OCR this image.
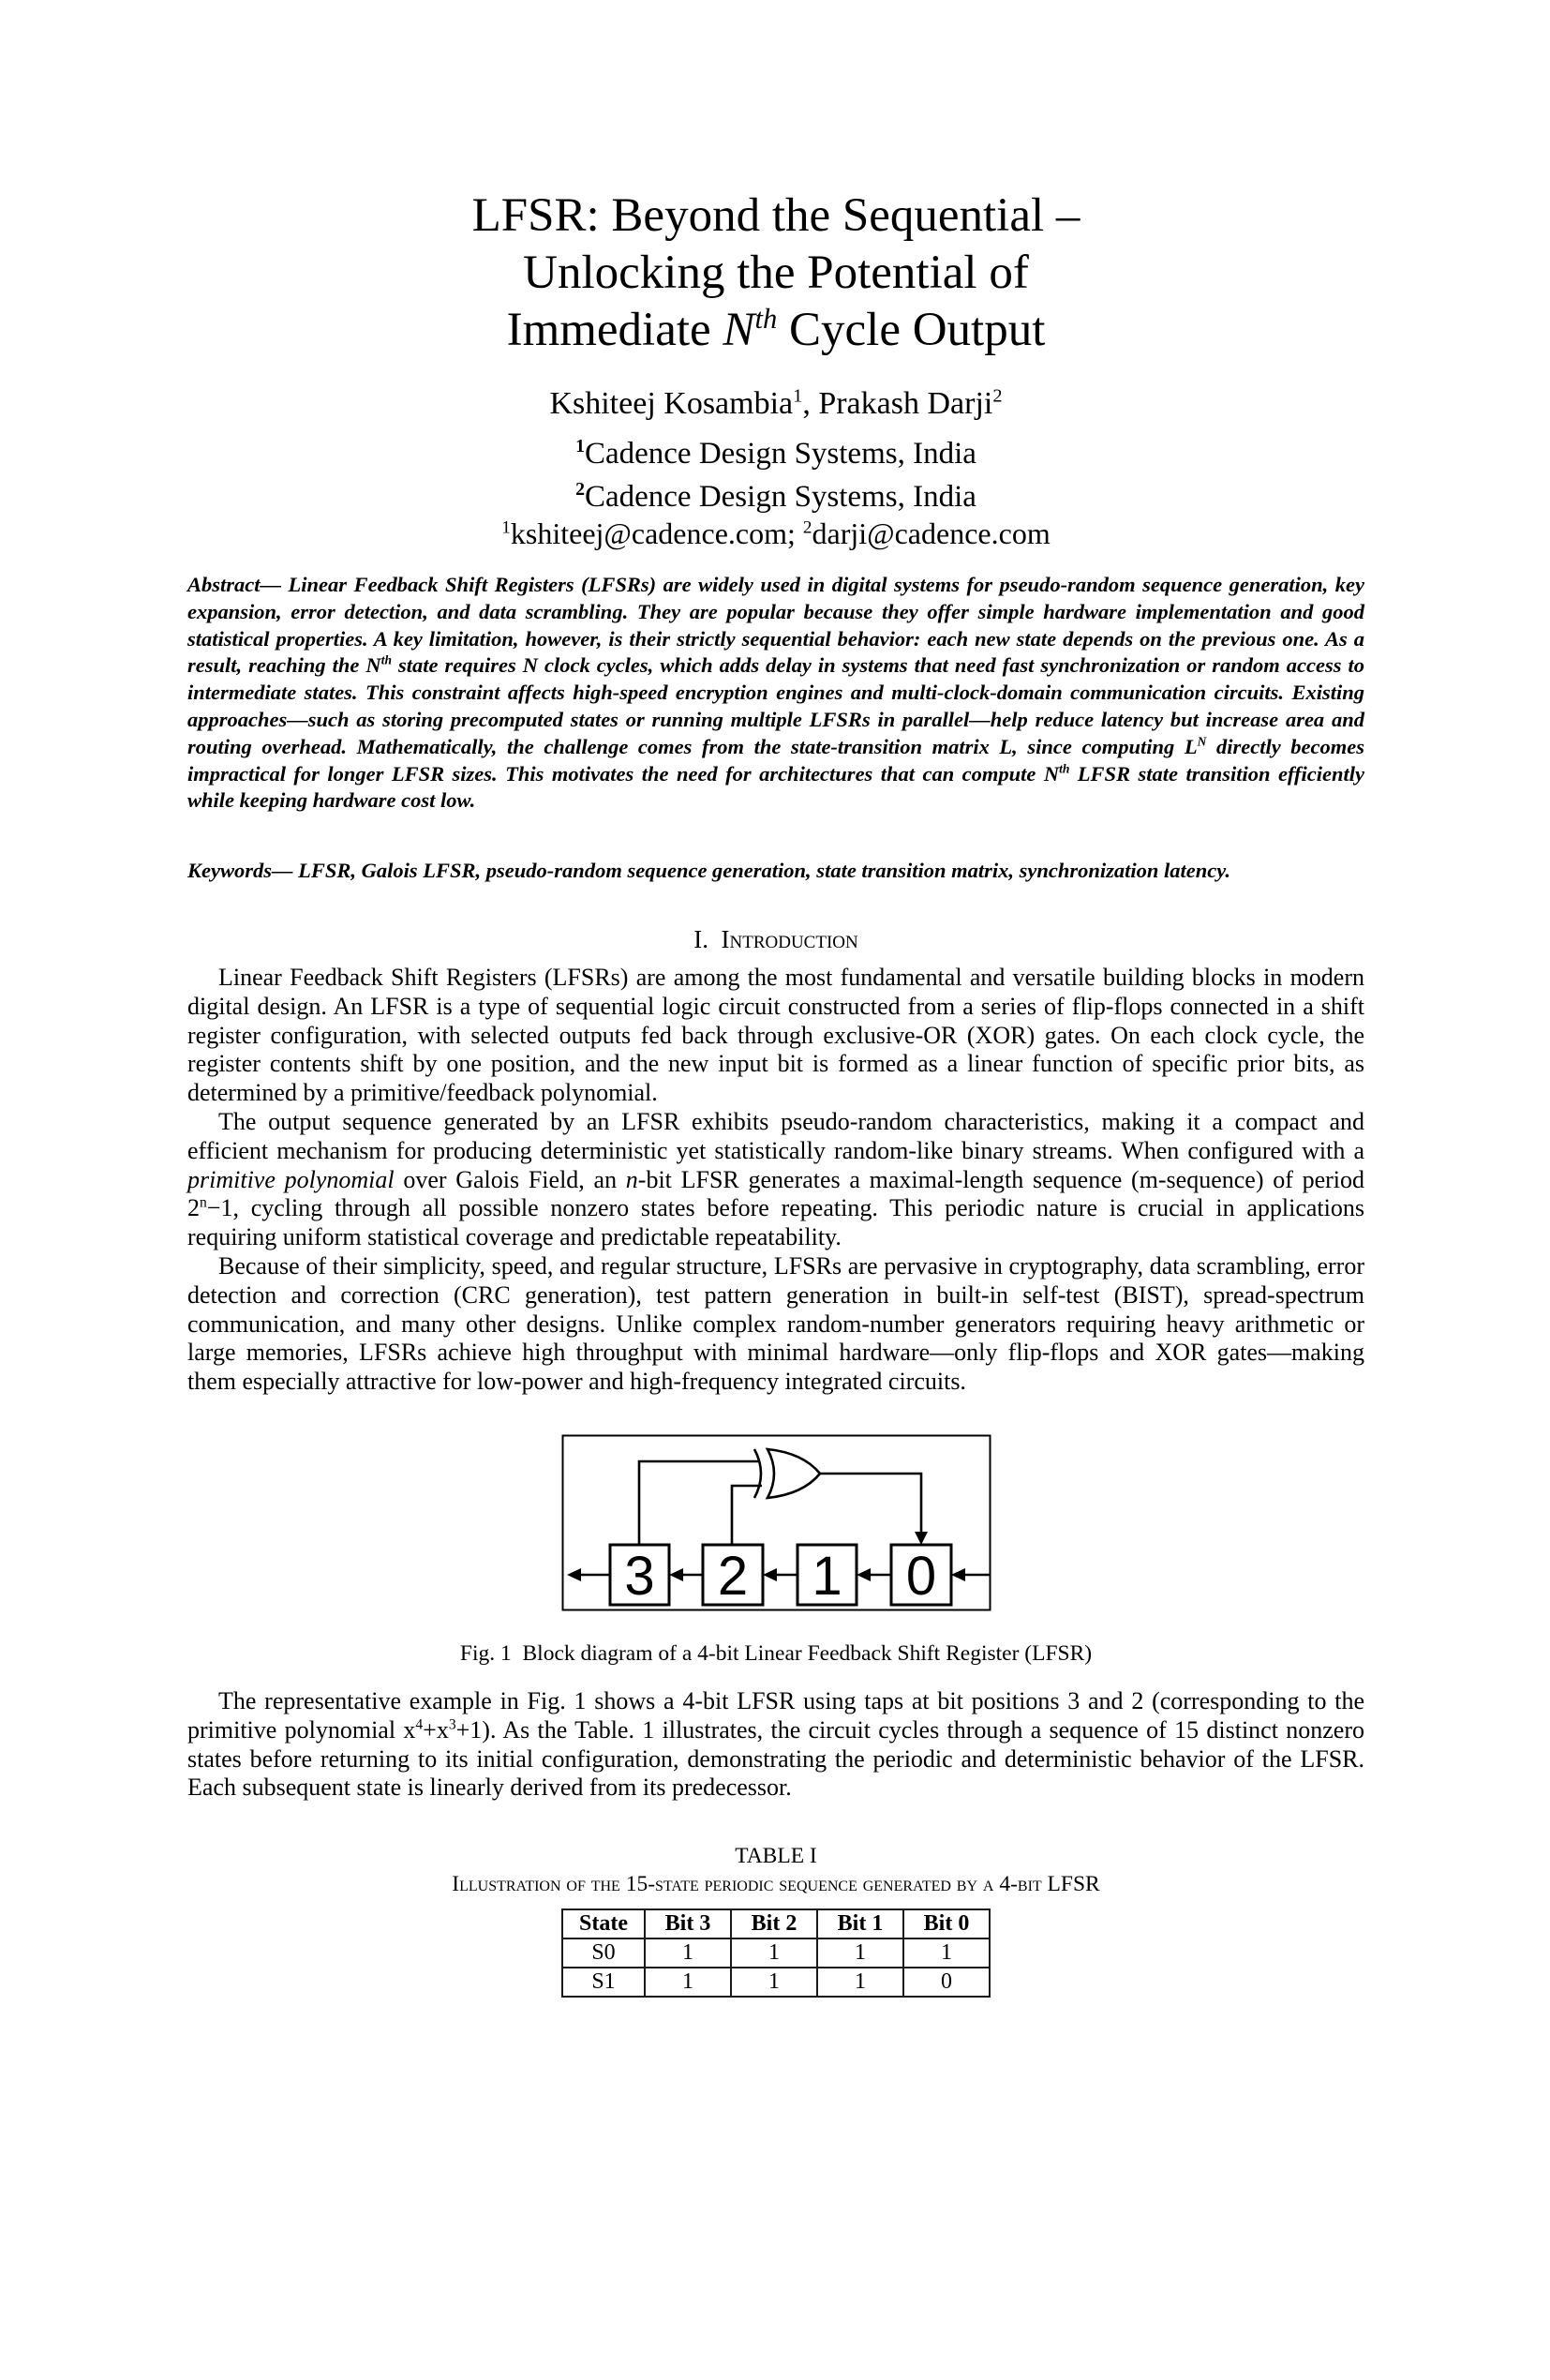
LFSR: Beyond the Sequential –
Unlocking the Potential of
Immediate $N^{th}$ Cycle Output
Kshiteej Kosambia$^1$, Prakash Darji$^2$
$^1$Cadence Design Systems, India
$^2$Cadence Design Systems, India
$^1$kshiteej@cadence.com; $^2$darji@cadence.com
Abstract— Linear Feedback Shift Registers (LFSRs) are widely used in digital systems for pseudo-random sequence generation, key expansion, error detection, and data scrambling. They are popular because they offer simple hardware implementation and good statistical properties. A key limitation, however, is their strictly sequential behavior: each new state depends on the previous one. As a result, reaching the $N^{th}$ state requires N clock cycles, which adds delay in systems that need fast synchronization or random access to intermediate states. This constraint affects high-speed encryption engines and multi-clock-domain communication circuits. Existing approaches—such as storing precomputed states or running multiple LFSRs in parallel—help reduce latency but increase area and routing overhead. Mathematically, the challenge comes from the state-transition matrix L, since computing $L^N$ directly becomes impractical for longer LFSR sizes. This motivates the need for architectures that can compute $N^{th}$ LFSR state transition efficiently while keeping hardware cost low.
Keywords— LFSR, Galois LFSR, pseudo-random sequence generation, state transition matrix, synchronization latency.
I.  Introduction

Linear Feedback Shift Registers (LFSRs) are among the most fundamental and versatile building blocks in modern digital design. An LFSR is a type of sequential logic circuit constructed from a series of flip-flops connected in a shift register configuration, with selected outputs fed back through exclusive-OR (XOR) gates. On each clock cycle, the register contents shift by one position, and the new input bit is formed as a linear function of specific prior bits, as determined by a primitive/feedback polynomial.

The output sequence generated by an LFSR exhibits pseudo-random characteristics, making it a compact and efficient mechanism for producing deterministic yet statistically random-like binary streams. When configured with a primitive polynomial over Galois Field, an n-bit LFSR generates a maximal-length sequence (m-sequence) of period $2^n-1$, cycling through all possible nonzero states before repeating. This periodic nature is crucial in applications requiring uniform statistical coverage and predictable repeatability.

Because of their simplicity, speed, and regular structure, LFSRs are pervasive in cryptography, data scrambling, error detection and correction (CRC generation), test pattern generation in built-in self-test (BIST), spread-spectrum communication, and many other designs. Unlike complex random-number generators requiring heavy arithmetic or large memories, LFSRs achieve high throughput with minimal hardware—only flip-flops and XOR gates—making them especially attractive for low-power and high-frequency integrated circuits.

3 2 1 0
Fig. 1  Block diagram of a 4-bit Linear Feedback Shift Register (LFSR)

The representative example in Fig. 1 shows a 4-bit LFSR using taps at bit positions 3 and 2 (corresponding to the primitive polynomial $x^4+x^3+1$). As the Table. 1 illustrates, the circuit cycles through a sequence of 15 distinct nonzero states before returning to its initial configuration, demonstrating the periodic and deterministic behavior of the LFSR. Each subsequent state is linearly derived from its predecessor.

TABLE I
Illustration of the 15-state periodic sequence generated by a 4-bit LFSR
State	Bit 3	Bit 2	Bit 1	Bit 0
S0	1	1	1	1
S1	1	1	1	0
